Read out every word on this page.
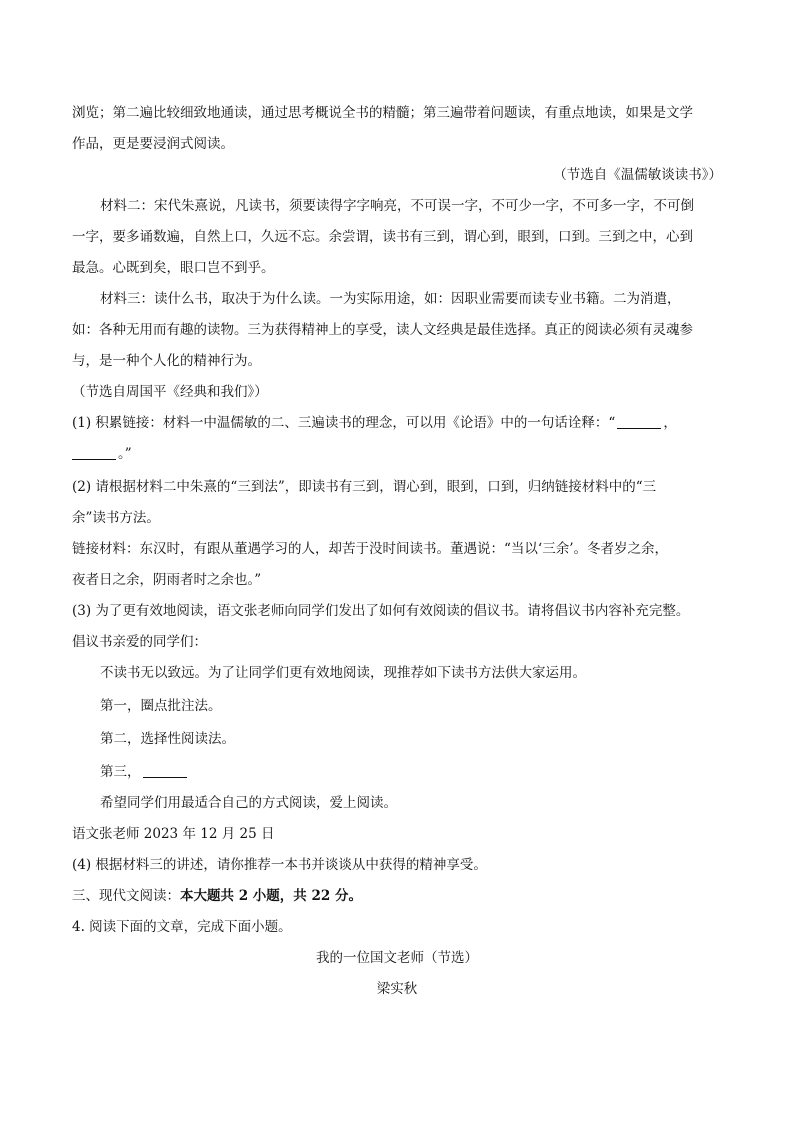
浏览；第二遍比较细致地通读，通过思考概说全书的精髓；第三遍带着问题读，有重点地读，如果是文学
作品，更是要浸润式阅读。
（节选自《温儒敏谈读书》）
材料二：宋代朱熹说，凡读书，须要读得字字响亮，不可误一字，不可少一字，不可多一字，不可倒
一字，要多诵数遍，自然上口，久远不忘。余尝谓，读书有三到，谓心到，眼到，口到。三到之中，心到
最急。心既到矣，眼口岂不到乎。
材料三：读什么书，取决于为什么读。一为实际用途，如：因职业需要而读专业书籍。二为消遣，
如：各种无用而有趣的读物。三为获得精神上的享受，读人文经典是最佳选择。真正的阅读必须有灵魂参
与，是一种个人化的精神行为。
（节选自周国平《经典和我们》）
(1) 积累链接：材料一中温儒敏的二、三遍读书的理念，可以用《论语》中的一句话诠释：“	，
。”
(2) 请根据材料二中朱熹的“三到法”，即读书有三到，谓心到，眼到，口到，归纳链接材料中的“三
余”读书方法。
链接材料：东汉时，有跟从董遇学习的人，却苦于没时间读书。董遇说：“当以‘三余’。冬者岁之余，
夜者日之余，阴雨者时之余也。”
(3) 为了更有效地阅读，语文张老师向同学们发出了如何有效阅读的倡议书。请将倡议书内容补充完整。
倡议书亲爱的同学们：
不读书无以致远。为了让同学们更有效地阅读，现推荐如下读书方法供大家运用。
第一，圈点批注法。
第二，选择性阅读法。
第三，
希望同学们用最适合自己的方式阅读，爱上阅读。
语文张老师 2023 年 12 月 25 日
(4) 根据材料三的讲述，请你推荐一本书并谈谈从中获得的精神享受。
三、现代文阅读：本大题共 2 小题，共 22 分。
4. 阅读下面的文章，完成下面小题。
我的一位国文老师（节选）
梁实秋
